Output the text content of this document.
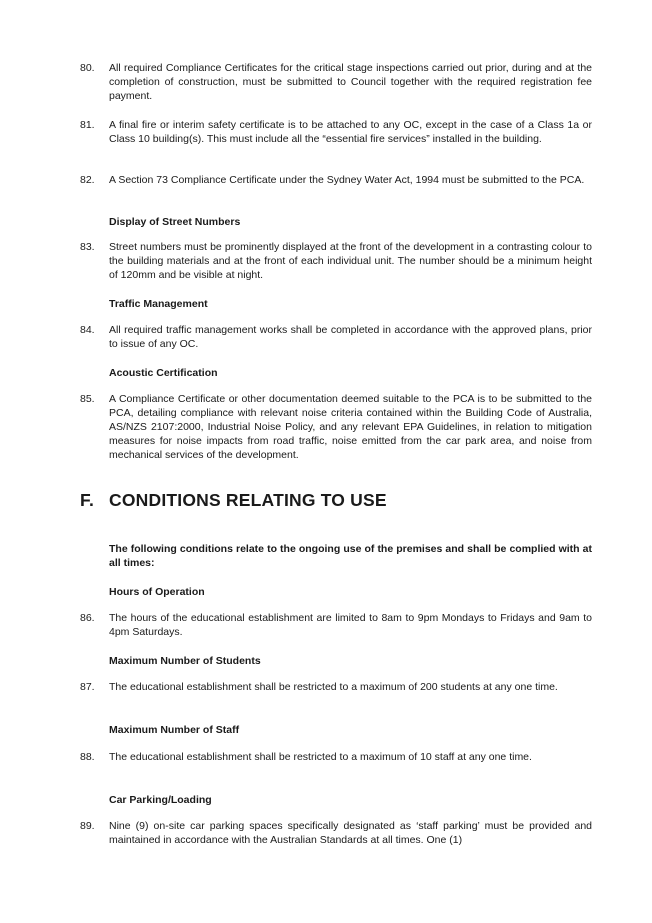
80. All required Compliance Certificates for the critical stage inspections carried out prior, during and at the completion of construction, must be submitted to Council together with the required registration fee payment.
81. A final fire or interim safety certificate is to be attached to any OC, except in the case of a Class 1a or Class 10 building(s). This must include all the “essential fire services” installed in the building.
82. A Section 73 Compliance Certificate under the Sydney Water Act, 1994 must be submitted to the PCA.
Display of Street Numbers
83. Street numbers must be prominently displayed at the front of the development in a contrasting colour to the building materials and at the front of each individual unit. The number should be a minimum height of 120mm and be visible at night.
Traffic Management
84. All required traffic management works shall be completed in accordance with the approved plans, prior to issue of any OC.
Acoustic Certification
85. A Compliance Certificate or other documentation deemed suitable to the PCA is to be submitted to the PCA, detailing compliance with relevant noise criteria contained within the Building Code of Australia, AS/NZS 2107:2000, Industrial Noise Policy, and any relevant EPA Guidelines, in relation to mitigation measures for noise impacts from road traffic, noise emitted from the car park area, and noise from mechanical services of the development.
F. CONDITIONS RELATING TO USE
The following conditions relate to the ongoing use of the premises and shall be complied with at all times:
Hours of Operation
86. The hours of the educational establishment are limited to 8am to 9pm Mondays to Fridays and 9am to 4pm Saturdays.
Maximum Number of Students
87. The educational establishment shall be restricted to a maximum of 200 students at any one time.
Maximum Number of Staff
88. The educational establishment shall be restricted to a maximum of 10 staff at any one time.
Car Parking/Loading
89. Nine (9) on-site car parking spaces specifically designated as ‘staff parking’ must be provided and maintained in accordance with the Australian Standards at all times. One (1)
